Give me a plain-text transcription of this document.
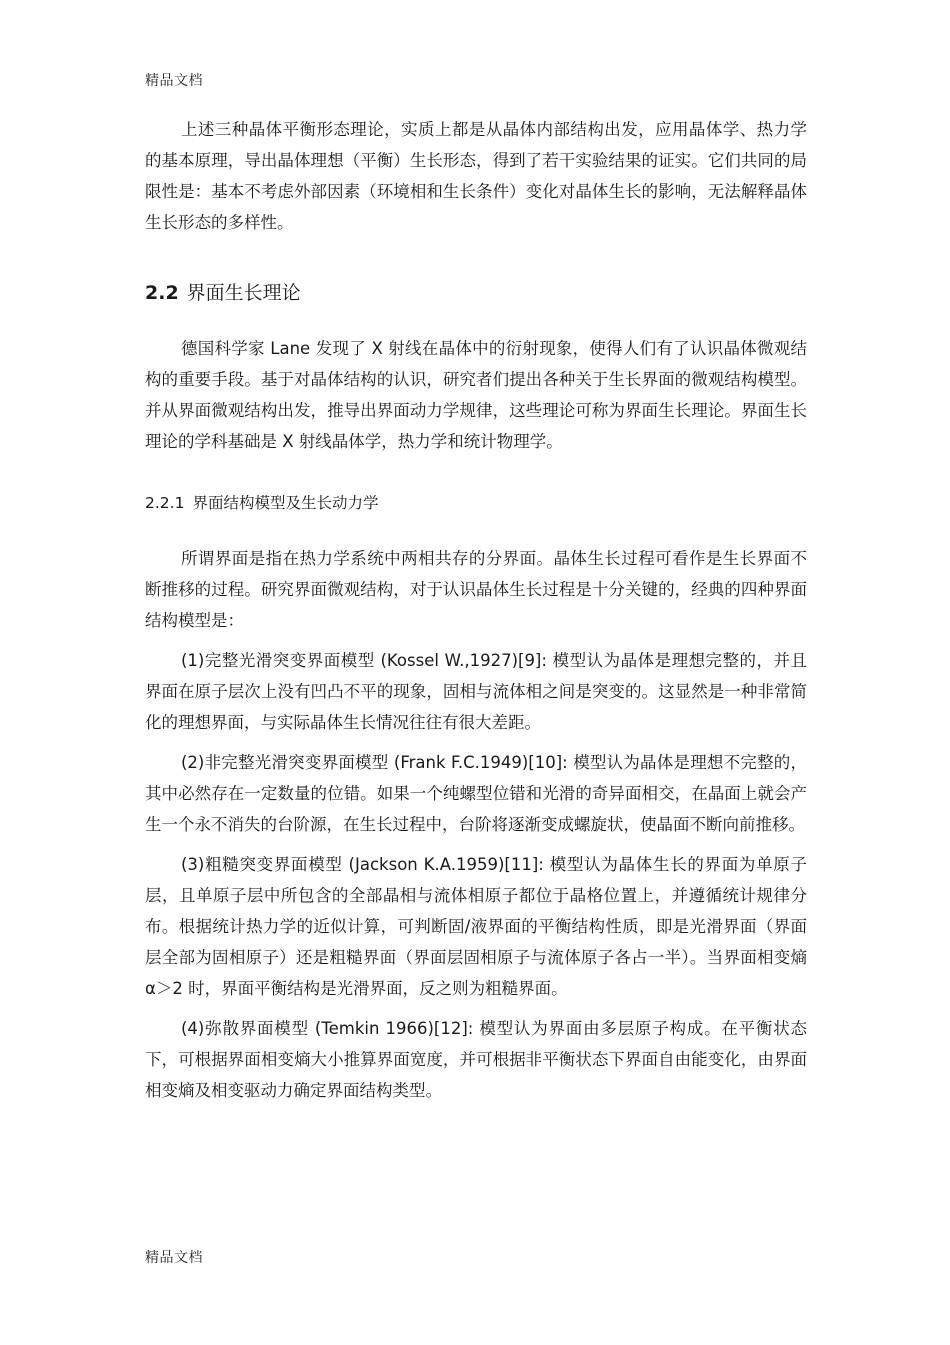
精品文档

上述三种晶体平衡形态理论，实质上都是从晶体内部结构出发，应用晶体学、热力学的基本原理，导出晶体理想（平衡）生长形态，得到了若干实验结果的证实。它们共同的局限性是：基本不考虑外部因素（环境相和生长条件）变化对晶体生长的影响，无法解释晶体生长形态的多样性。

2.2 界面生长理论

德国科学家 Lane 发现了 X 射线在晶体中的衍射现象，使得人们有了认识晶体微观结构的重要手段。基于对晶体结构的认识，研究者们提出各种关于生长界面的微观结构模型。并从界面微观结构出发，推导出界面动力学规律，这些理论可称为界面生长理论。界面生长理论的学科基础是 X 射线晶体学，热力学和统计物理学。

2.2.1 界面结构模型及生长动力学

所谓界面是指在热力学系统中两相共存的分界面。晶体生长过程可看作是生长界面不断推移的过程。研究界面微观结构，对于认识晶体生长过程是十分关键的，经典的四种界面结构模型是：

(1)完整光滑突变界面模型 (Kossel W.,1927)[9]: 模型认为晶体是理想完整的，并且界面在原子层次上没有凹凸不平的现象，固相与流体相之间是突变的。这显然是一种非常简化的理想界面，与实际晶体生长情况往往有很大差距。

(2)非完整光滑突变界面模型 (Frank F.C.1949)[10]: 模型认为晶体是理想不完整的，其中必然存在一定数量的位错。如果一个纯螺型位错和光滑的奇异面相交，在晶面上就会产生一个永不消失的台阶源，在生长过程中，台阶将逐渐变成螺旋状，使晶面不断向前推移。

(3)粗糙突变界面模型 (Jackson K.A.1959)[11]: 模型认为晶体生长的界面为单原子层，且单原子层中所包含的全部晶相与流体相原子都位于晶格位置上，并遵循统计规律分布。根据统计热力学的近似计算，可判断固/液界面的平衡结构性质，即是光滑界面（界面层全部为固相原子）还是粗糙界面（界面层固相原子与流体原子各占一半）。当界面相变熵 α＞2 时，界面平衡结构是光滑界面，反之则为粗糙界面。

(4)弥散界面模型 (Temkin 1966)[12]: 模型认为界面由多层原子构成。在平衡状态下，可根据界面相变熵大小推算界面宽度，并可根据非平衡状态下界面自由能变化，由界面相变熵及相变驱动力确定界面结构类型。

精品文档
